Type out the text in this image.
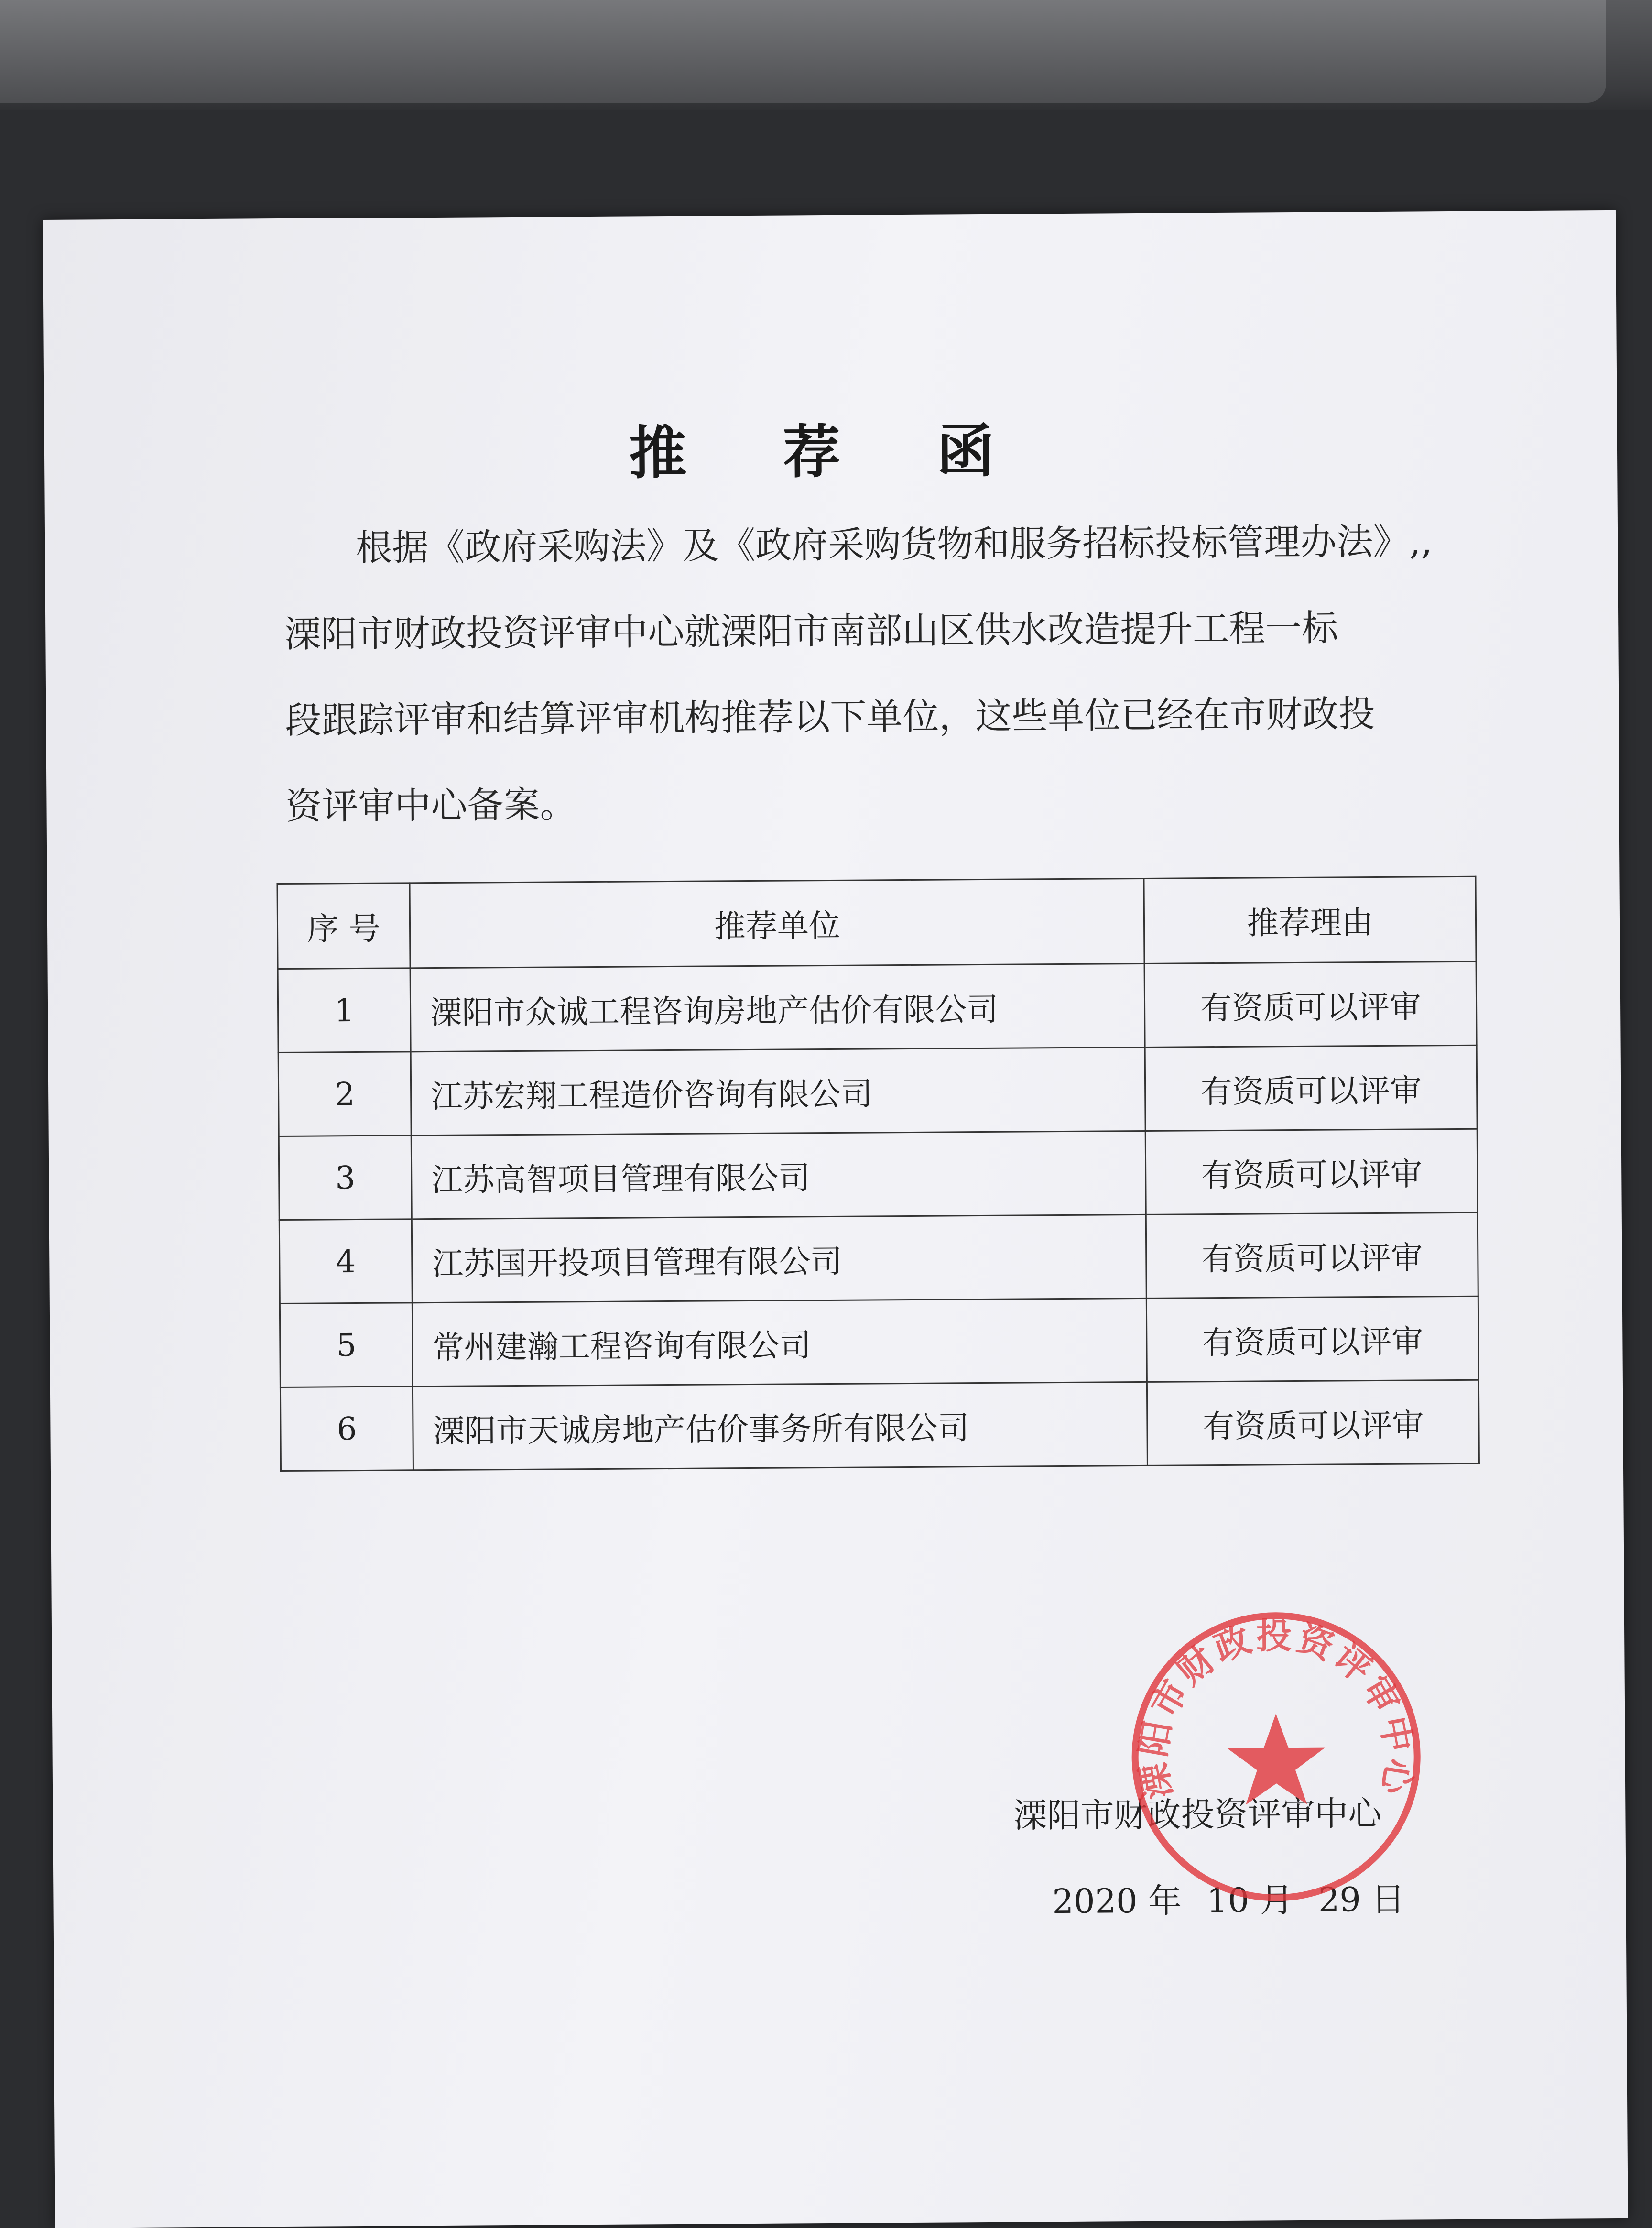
推 荐 函
根据《政府采购法》及《政府采购货物和服务招标投标管理办法》,,
溧阳市财政投资评审中心就溧阳市南部山区供水改造提升工程一标
段跟踪评审和结算评审机构推荐以下单位，这些单位已经在市财政投
资评审中心备案。
序 号	推荐单位	推荐理由
1	溧阳市众诚工程咨询房地产估价有限公司	有资质可以评审
2	江苏宏翔工程造价咨询有限公司	有资质可以评审
3	江苏高智项目管理有限公司	有资质可以评审
4	江苏国开投项目管理有限公司	有资质可以评审
5	常州建瀚工程咨询有限公司	有资质可以评审
6	溧阳市天诚房地产估价事务所有限公司	有资质可以评审
溧阳市财政投资评审中心
2020 年 10 月 29 日
溧阳市财政投资评审中心
